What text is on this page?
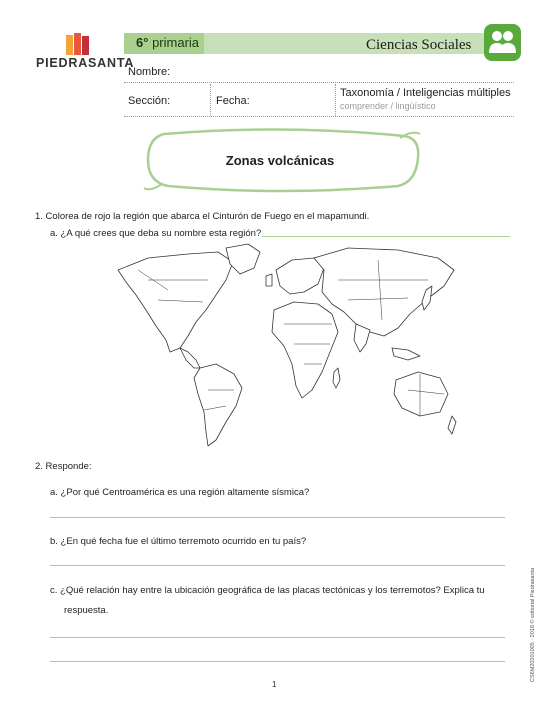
PIEDRASANTA
6° primaria	Ciencias Sociales
Nombre:
Sección:	Fecha:
Taxonomía / Inteligencias múltiples
comprender / lingüístico
Zonas volcánicas
1. Colorea de rojo la región que abarca el Cinturón de Fuego en el mapamundi.
a. ¿A qué crees que deba su nombre esta región?
2. Responde:
a. ¿Por qué Centroamérica es una región altamente sísmica?
b. ¿En qué fecha fue el último terremoto ocurrido en tu país?
c. ¿Qué relación hay entre la ubicación geográfica de las placas tectónicas y los terremotos? Explica tu
respuesta.
1
CS6M20201005 · 2018 © editorial Piedrasanta
